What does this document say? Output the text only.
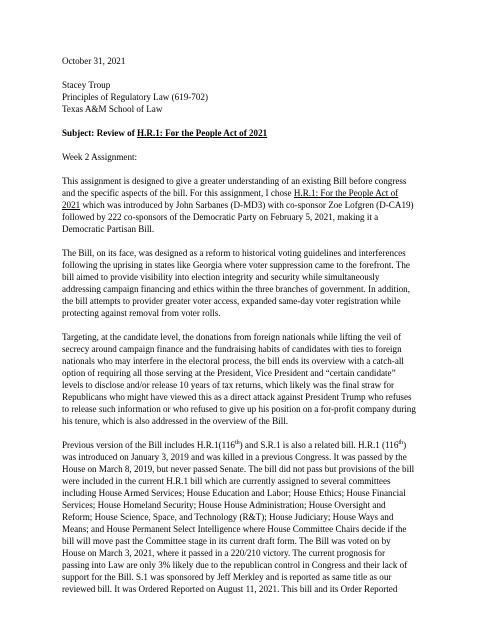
October 31, 2021
Stacey Troup
Principles of Regulatory Law (619-702)
Texas A&M School of Law
Subject: Review of H.R.1: For the People Act of 2021
Week 2 Assignment:
This assignment is designed to give a greater understanding of an existing Bill before congress
and the specific aspects of the bill. For this assignment, I chose H.R.1: For the People Act of
2021 which was introduced by John Sarbanes (D-MD3) with co-sponsor Zoe Lofgren (D-CA19)
followed by 222 co-sponsors of the Democratic Party on February 5, 2021, making it a
Democratic Partisan Bill.
The Bill, on its face, was designed as a reform to historical voting guidelines and interferences
following the uprising in states like Georgia where voter suppression came to the forefront. The
bill aimed to provide visibility into election integrity and security while simultaneously
addressing campaign financing and ethics within the three branches of government. In addition,
the bill attempts to provider greater voter access, expanded same-day voter registration while
protecting against removal from voter rolls.
Targeting, at the candidate level, the donations from foreign nationals while lifting the veil of
secrecy around campaign finance and the fundraising habits of candidates with ties to foreign
nationals who may interfere in the electoral process, the bill ends its overview with a catch-all
option of requiring all those serving at the President, Vice President and “certain candidate”
levels to disclose and/or release 10 years of tax returns, which likely was the final straw for
Republicans who might have viewed this as a direct attack against President Trump who refuses
to release such information or who refused to give up his position on a for-profit company during
his tenure, which is also addressed in the overview of the Bill.
Previous version of the Bill includes H.R.1(116th) and S.R.1 is also a related bill. H.R.1 (116th)
was introduced on January 3, 2019 and was killed in a previous Congress. It was passed by the
House on March 8, 2019, but never passed Senate. The bill did not pass but provisions of the bill
were included in the current H.R.1 bill which are currently assigned to several committees
including House Armed Services; House Education and Labor; House Ethics; House Financial
Services; House Homeland Security; House House Administration; House Oversight and
Reform; House Science, Space, and Technology (R&T); House Judiciary; House Ways and
Means; and House Permanent Select Intelligence where House Committee Chairs decide if the
bill will move past the Committee stage in its current draft form. The Bill was voted on by
House on March 3, 2021, where it passed in a 220/210 victory. The current prognosis for
passing into Law are only 3% likely due to the republican control in Congress and their lack of
support for the Bill. S.1 was sponsored by Jeff Merkley and is reported as same title as our
reviewed bill. It was Ordered Reported on August 11, 2021. This bill and its Order Reported
